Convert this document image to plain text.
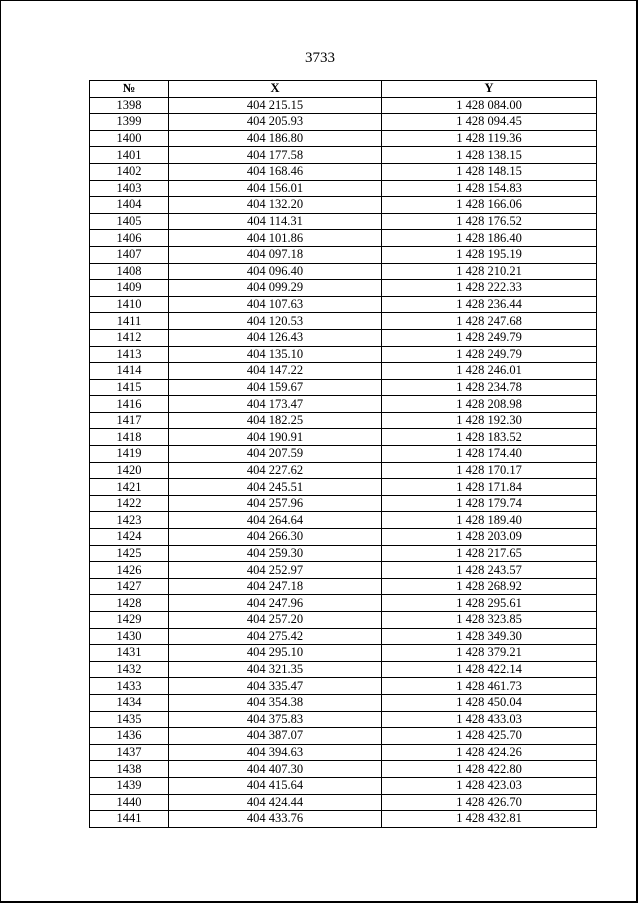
3733
№	X	Y
1398	404 215.15	1 428 084.00
1399	404 205.93	1 428 094.45
1400	404 186.80	1 428 119.36
1401	404 177.58	1 428 138.15
1402	404 168.46	1 428 148.15
1403	404 156.01	1 428 154.83
1404	404 132.20	1 428 166.06
1405	404 114.31	1 428 176.52
1406	404 101.86	1 428 186.40
1407	404 097.18	1 428 195.19
1408	404 096.40	1 428 210.21
1409	404 099.29	1 428 222.33
1410	404 107.63	1 428 236.44
1411	404 120.53	1 428 247.68
1412	404 126.43	1 428 249.79
1413	404 135.10	1 428 249.79
1414	404 147.22	1 428 246.01
1415	404 159.67	1 428 234.78
1416	404 173.47	1 428 208.98
1417	404 182.25	1 428 192.30
1418	404 190.91	1 428 183.52
1419	404 207.59	1 428 174.40
1420	404 227.62	1 428 170.17
1421	404 245.51	1 428 171.84
1422	404 257.96	1 428 179.74
1423	404 264.64	1 428 189.40
1424	404 266.30	1 428 203.09
1425	404 259.30	1 428 217.65
1426	404 252.97	1 428 243.57
1427	404 247.18	1 428 268.92
1428	404 247.96	1 428 295.61
1429	404 257.20	1 428 323.85
1430	404 275.42	1 428 349.30
1431	404 295.10	1 428 379.21
1432	404 321.35	1 428 422.14
1433	404 335.47	1 428 461.73
1434	404 354.38	1 428 450.04
1435	404 375.83	1 428 433.03
1436	404 387.07	1 428 425.70
1437	404 394.63	1 428 424.26
1438	404 407.30	1 428 422.80
1439	404 415.64	1 428 423.03
1440	404 424.44	1 428 426.70
1441	404 433.76	1 428 432.81
